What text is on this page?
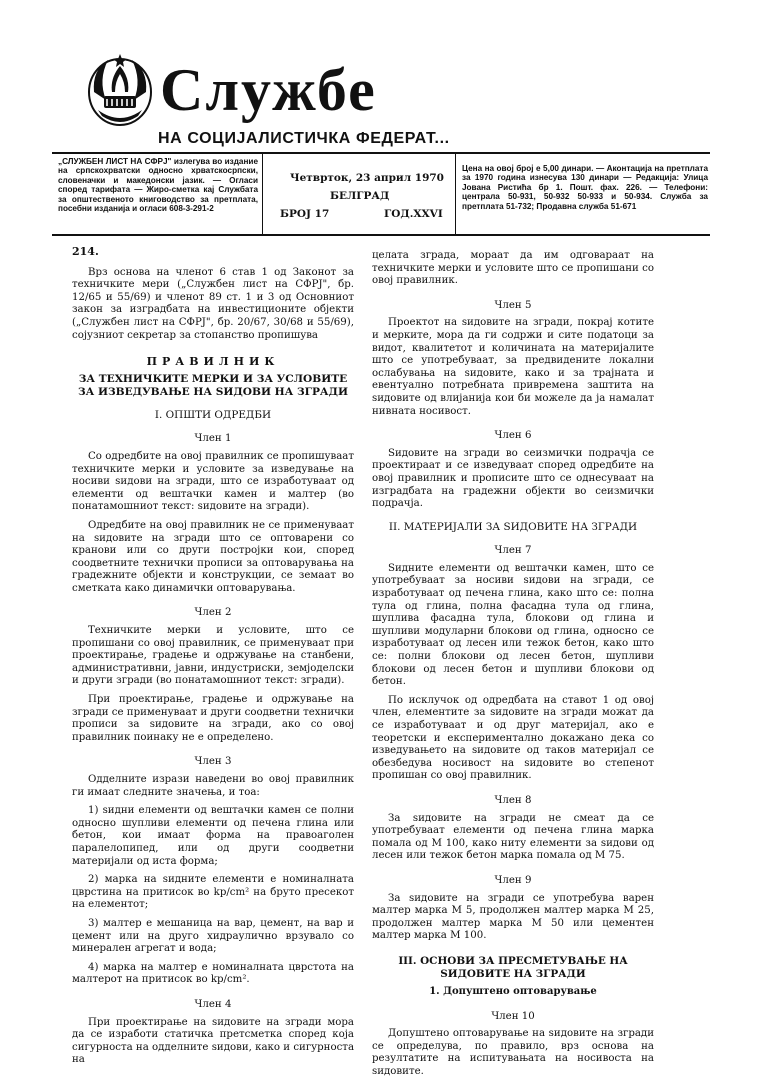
Службе
НА СОЦИЈАЛИСТИЧКА ФЕДЕРАТ...
„СЛУЖБЕН ЛИСТ НА СФРЈ" излегува во издание на српскохрватски односно хрватскосрпски, словеначки и македонски јазик. — Огласи според тарифата — Жиро-сметка кај Службата за општественото книговодство за претплата, посебни изданија и огласи 608-3-291-2
Четврток, 23 април 1970
БЕЛГРАД
БРОЈ 17	ГОД.XXVI
Цена на овој број е 5,00 динари. — Аконтација на претплата за 1970 година изнесува 130 динари — Редакција: Улица Јована Ристића бр 1. Пошт. фах. 226. — Телефони: централа 50-931, 50-932 50-933 и 50-934. Служба за претплата 51-732; Продавна служба 51-671
214.

Врз основа на членот 6 став 1 од Законот за техничките мери („Службен лист на СФРЈ", бр. 12/65 и 55/69) и членот 89 ст. 1 и 3 од Основниот закон за изградбата на инвестиционите објекти („Службен лист на СФРЈ", бр. 20/67, 30/68 и 55/69), сојузниот секретар за стопанство пропишува

ПРАВИЛНИК
ЗА ТЕХНИЧКИТЕ МЕРКИ И ЗА УСЛОВИТЕ ЗА ИЗВЕДУВАЊЕ НА ЅИДОВИ НА ЗГРАДИ
I. ОПШТИ ОДРЕДБИ
Член 1

Со одредбите на овој правилник се пропишуваат техничките мерки и условите за изведување на носиви ѕидови на згради, што се изработуваат од елементи од вештачки камен и малтер (во понатамошниот текст: ѕидовите на згради).

Одредбите на овој правилник не се применуваат на ѕидовите на згради што се оптоварени со кранови или со други постројки кои, според соодветните технички прописи за оптоварувања на градежните објекти и конструкции, се земаат во сметката како динамички оптоварувања.

Член 2

Техничките мерки и условите, што се пропишани со овој правилник, се применуваат при проектирање, градење и одржување на станбени, административни, јавни, индустриски, земјоделски и други згради (во понатамошниот текст: згради).

При проектирање, градење и одржување на згради се применуваат и други соодветни технички прописи за ѕидовите на згради, ако со овој правилник поинаку не е определено.

Член 3

Одделните изрази наведени во овој правилник ги имаат следните значења, и тоа:

1) ѕидни елементи од вештачки камен се полни односно шупливи елементи од печена глина или бетон, кои имаат форма на правоаголен паралелопипед, или од други соодветни материјали од иста форма;

2) марка на ѕидните елементи е номиналната цврстина на притисок во kp/cm² на бруто пресекот на елементот;

3) малтер е мешаница на вар, цемент, на вар и цемент или на друго хидраулично врзувало со минерален агрегат и вода;

4) марка на малтер е номиналната цврстота на малтерот на притисок во kp/cm².

Член 4

При проектирање на ѕидовите на згради мора да се изработи статичка претсметка според која сигурноста на одделните ѕидови, како и сигурноста на

целата зграда, мораат да им одговараат на техничките мерки и условите што се пропишани со овој правилник.

Член 5

Проектот на ѕидовите на згради, покрај котите и мерките, мора да ги содржи и сите податоци за видот, квалитетот и количината на материјалите што се употребуваат, за предвидените локални ослабувања на ѕидовите, како и за трајната и евентуално потребната привремена заштита на ѕидовите од влијанија кои би можеле да ја намалат нивната носивост.

Член 6

Ѕидовите на згради во сеизмички подрачја се проектираат и се изведуваат според одредбите на овој правилник и прописите што се однесуваат на изградбата на градежни објекти во сеизмички подрачја.

II. МАТЕРИЈАЛИ ЗА ЅИДОВИТЕ НА ЗГРАДИ
Член 7

Ѕидните елементи од вештачки камен, што се употребуваат за носиви ѕидови на згради, се изработуваат од печена глина, како што се: полна тула од глина, полна фасадна тула од глина, шуплива фасадна тула, блокови од глина и шупливи модуларни блокови од глина, односно се изработуваат од лесен или тежок бетон, како што се: полни блокови од лесен бетон, шупливи блокови од лесен бетон и шупливи блокови од бетон.

По исклучок од одредбата на ставот 1 од овој член, елементите за ѕидовите на згради можат да се изработуваат и од друг материјал, ако е теоретски и експериментално докажано дека со изведувањето на ѕидовите од таков материјал се обезбедува носивост на ѕидовите во степенот пропишан со овој правилник.

Член 8

За ѕидовите на згради не смеат да се употребуваат елементи од печена глина марка помала од М 100, како ниту елементи за ѕидови од лесен или тежок бетон марка помала од М 75.

Член 9

За ѕидовите на згради се употребува варен малтер марка М 5, продолжен малтер марка М 25, продолжен малтер марка М 50 или цементен малтер марка М 100.

III. ОСНОВИ ЗА ПРЕСМЕТУВАЊЕ НА ЅИДОВИТЕ НА ЗГРАДИ
1. Допуштено оптоварување
Член 10

Допуштено оптоварување на ѕидовите на згради се определува, по правило, врз основа на резултатите на испитувањата на носивоста на ѕидовите.
